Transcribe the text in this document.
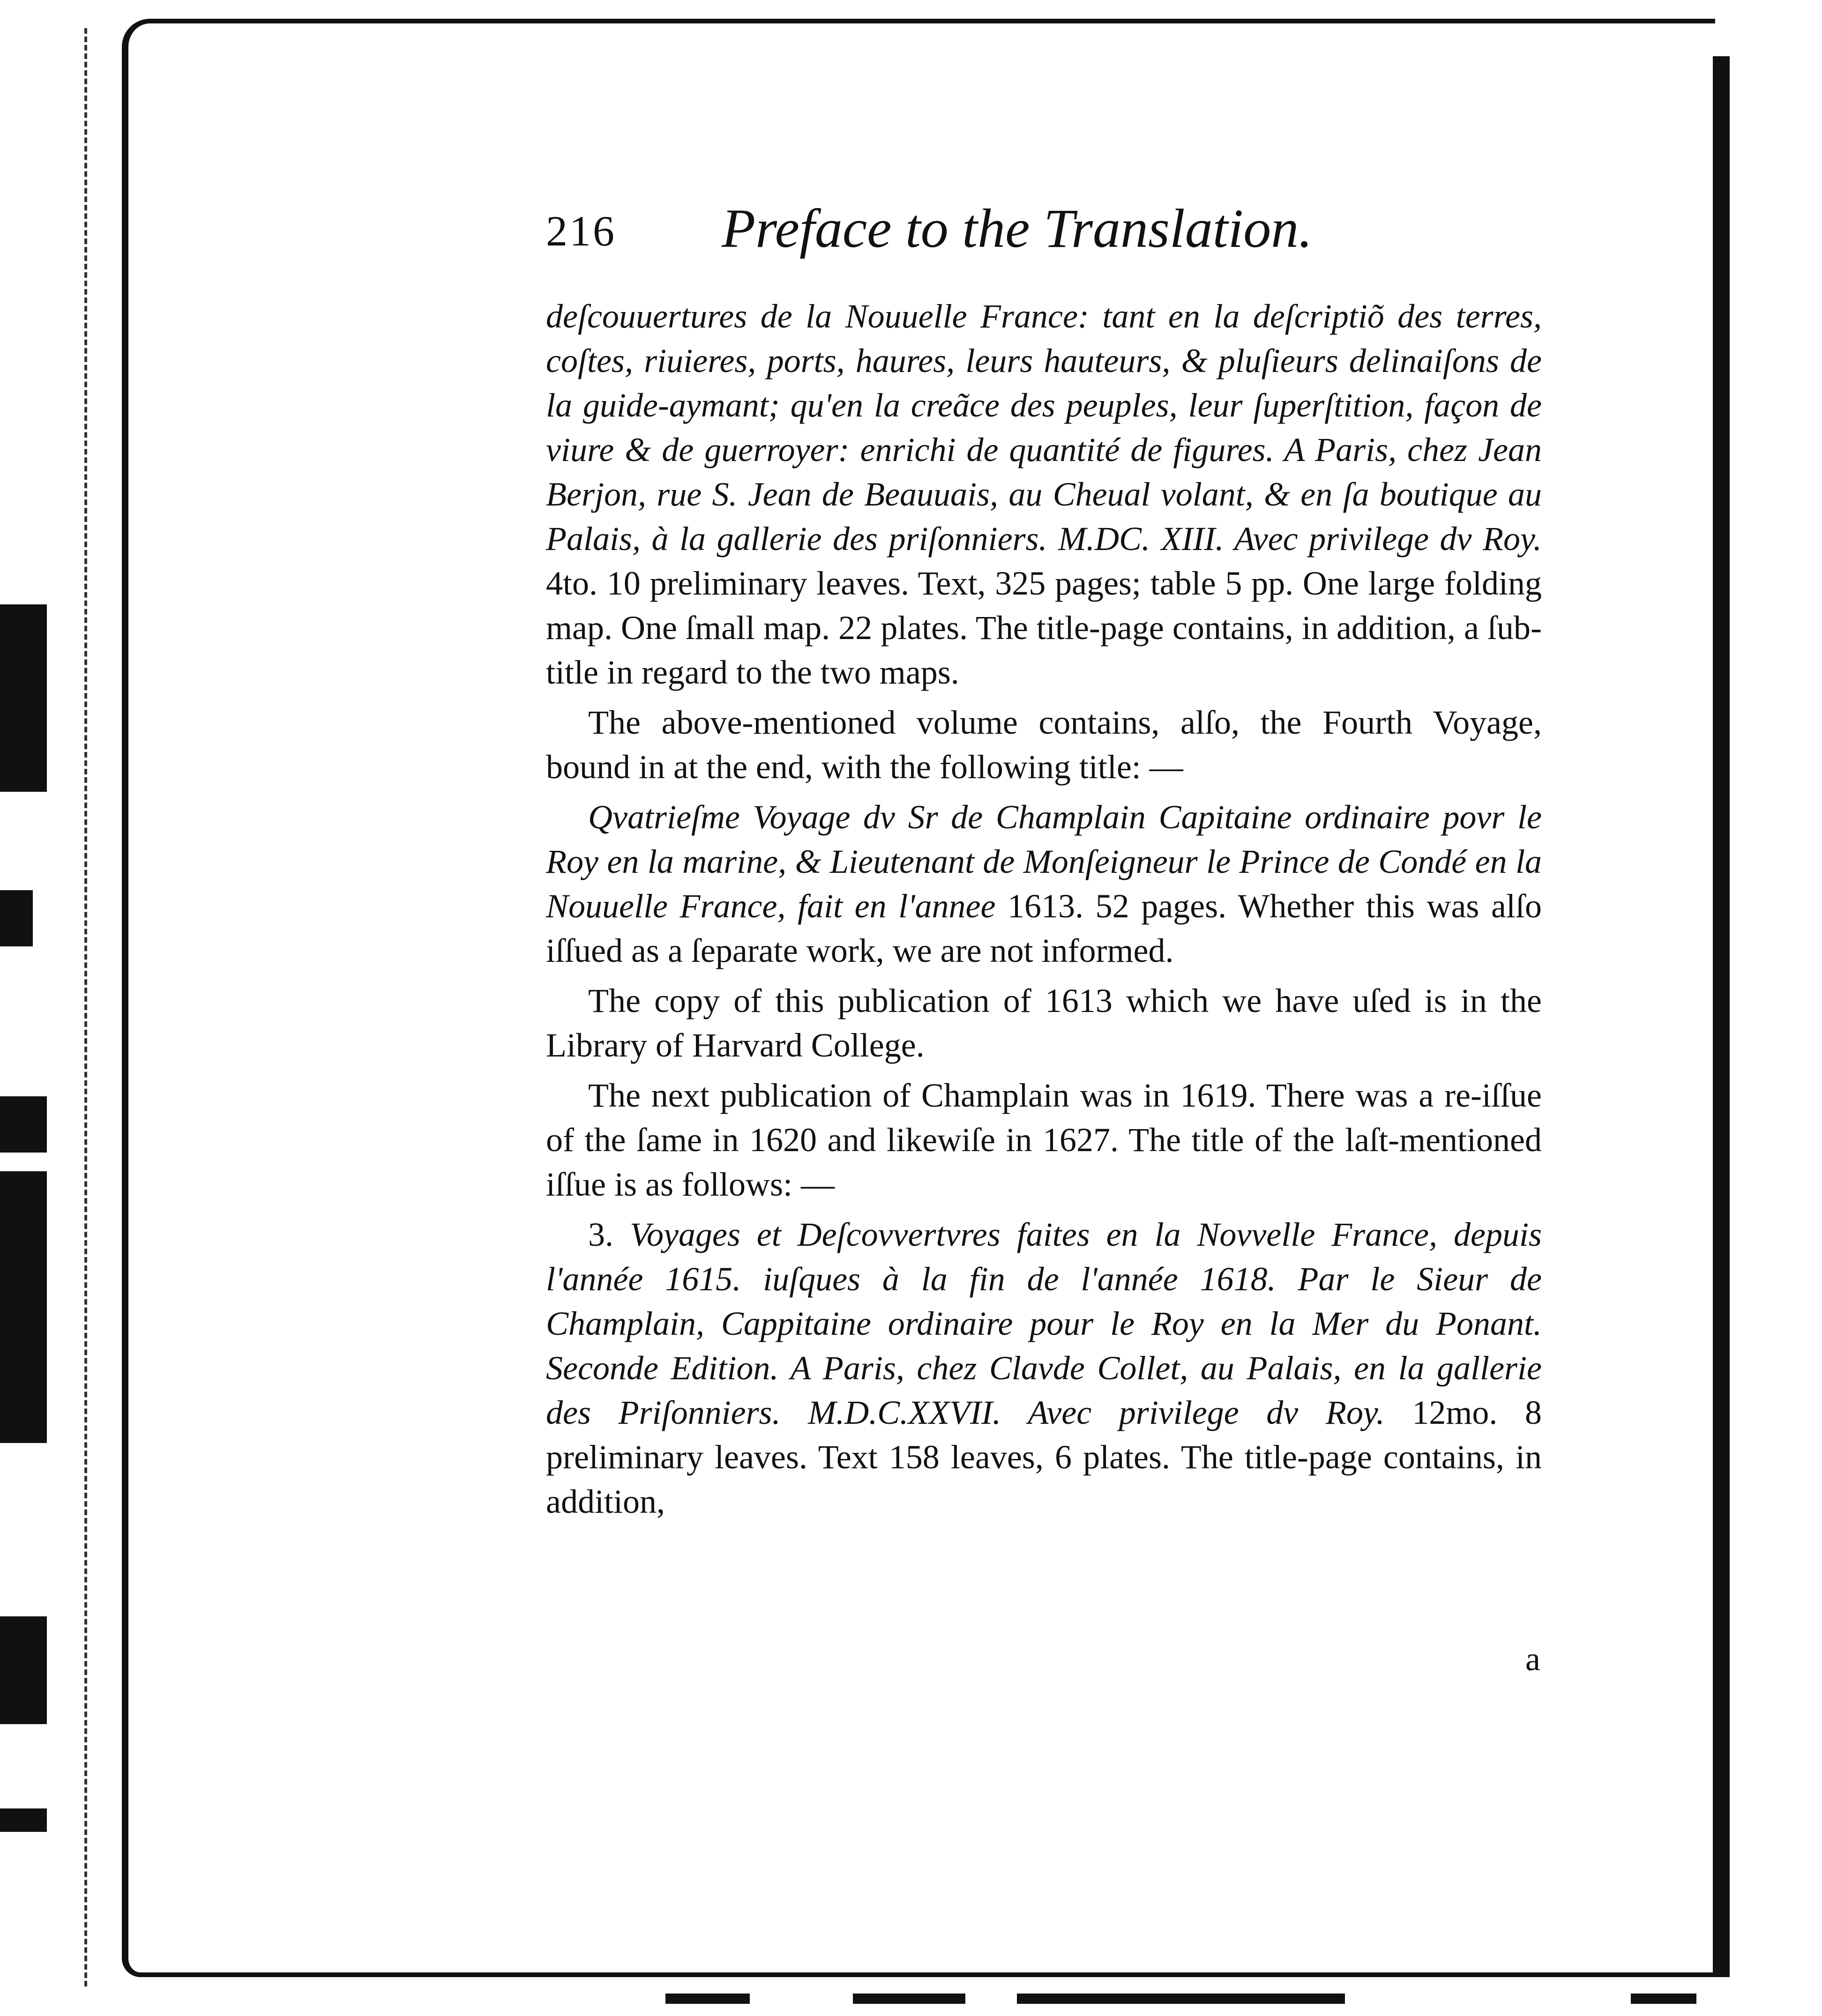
216 Preface to the Translation.

deſcouuertures de la Nouuelle France: tant en la deſcriptiõ des terres, coſtes, riuieres, ports, haures, leurs hauteurs, & pluſieurs delinaiſons de la guide-aymant; qu'en la creãce des peuples, leur ſuperſtition, façon de viure & de guerroyer: enrichi de quantité de figures. A Paris, chez Jean Berjon, rue S. Jean de Beauuais, au Cheual volant, & en ſa boutique au Palais, à la gallerie des priſonniers. M.DC. XIII. Avec privilege dv Roy. 4to. 10 preliminary leaves. Text, 325 pages; table 5 pp. One large folding map. One ſmall map. 22 plates. The title-page contains, in addition, a ſub-title in regard to the two maps.

The above-mentioned volume contains, alſo, the Fourth Voyage, bound in at the end, with the following title: —

Qvatrieſme Voyage dv Sr de Champlain Capitaine ordinaire povr le Roy en la marine, & Lieutenant de Monſeigneur le Prince de Condé en la Nouuelle France, fait en l'annee 1613. 52 pages. Whether this was alſo iſſued as a ſeparate work, we are not informed.

The copy of this publication of 1613 which we have uſed is in the Library of Harvard College.

The next publication of Champlain was in 1619. There was a re-iſſue of the ſame in 1620 and likewiſe in 1627. The title of the laſt-mentioned iſſue is as follows: —

3. Voyages et Deſcovvertvres faites en la Novvelle France, depuis l'année 1615. iuſques à la fin de l'année 1618. Par le Sieur de Champlain, Cappitaine ordinaire pour le Roy en la Mer du Ponant. Seconde Edition. A Paris, chez Clavde Collet, au Palais, en la gallerie des Priſonniers. M.D.C.XXVII. Avec privilege dv Roy. 12mo. 8 preliminary leaves. Text 158 leaves, 6 plates. The title-page contains, in addition,

a
